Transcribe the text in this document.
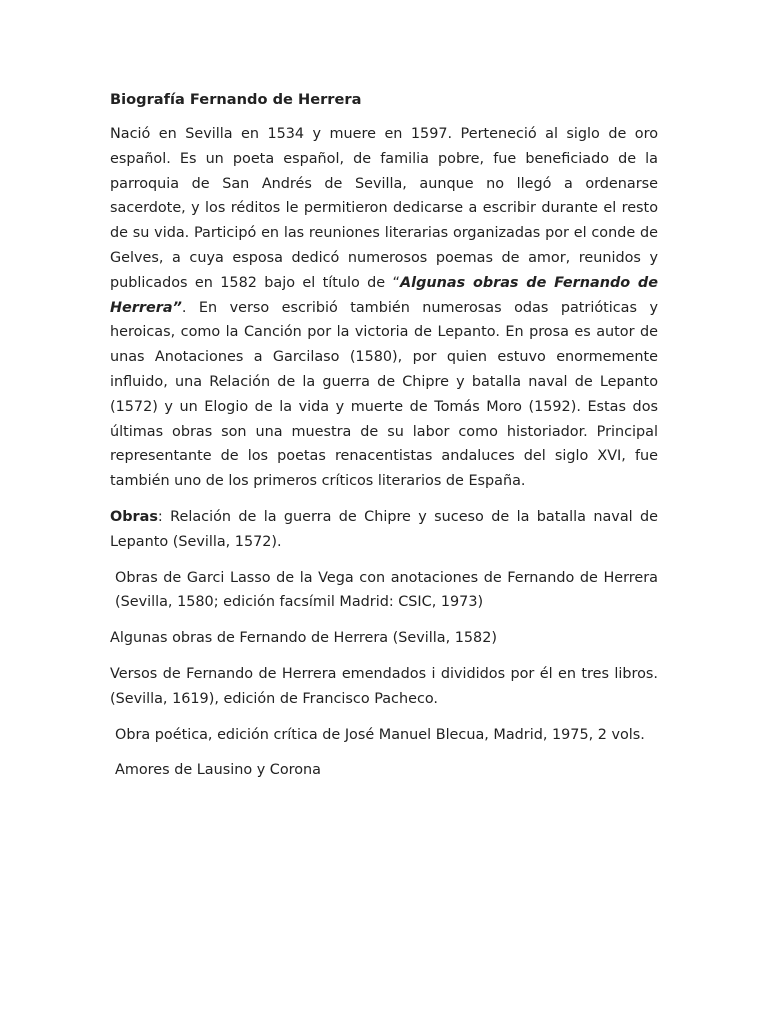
Biografía Fernando de Herrera

Nació en Sevilla en 1534 y muere en 1597. Perteneció al siglo de oro español. Es un poeta español, de familia pobre, fue beneficiado de la parroquia de San Andrés de Sevilla, aunque no llegó a ordenarse sacerdote, y los réditos le permitieron dedicarse a escribir durante el resto de su vida. Participó en las reuniones literarias organizadas por el conde de Gelves, a cuya esposa dedicó numerosos poemas de amor, reunidos y publicados en 1582 bajo el título de “Algunas obras de Fernando de Herrera”. En verso escribió también numerosas odas patrióticas y heroicas, como la Canción por la victoria de Lepanto. En prosa es autor de unas Anotaciones a Garcilaso (1580), por quien estuvo enormemente influido, una Relación de la guerra de Chipre y batalla naval de Lepanto (1572) y un Elogio de la vida y muerte de Tomás Moro (1592). Estas dos últimas obras son una muestra de su labor como historiador. Principal representante de los poetas renacentistas andaluces del siglo XVI, fue también uno de los primeros críticos literarios de España.

Obras: Relación de la guerra de Chipre y suceso de la batalla naval de Lepanto (Sevilla, 1572).

Obras de Garci Lasso de la Vega con anotaciones de Fernando de Herrera (Sevilla, 1580; edición facsímil Madrid: CSIC, 1973)

Algunas obras de Fernando de Herrera (Sevilla, 1582)

Versos de Fernando de Herrera emendados i divididos por él en tres libros. (Sevilla, 1619), edición de Francisco Pacheco.

Obra poética, edición crítica de José Manuel Blecua, Madrid, 1975, 2 vols.

Amores de Lausino y Corona
